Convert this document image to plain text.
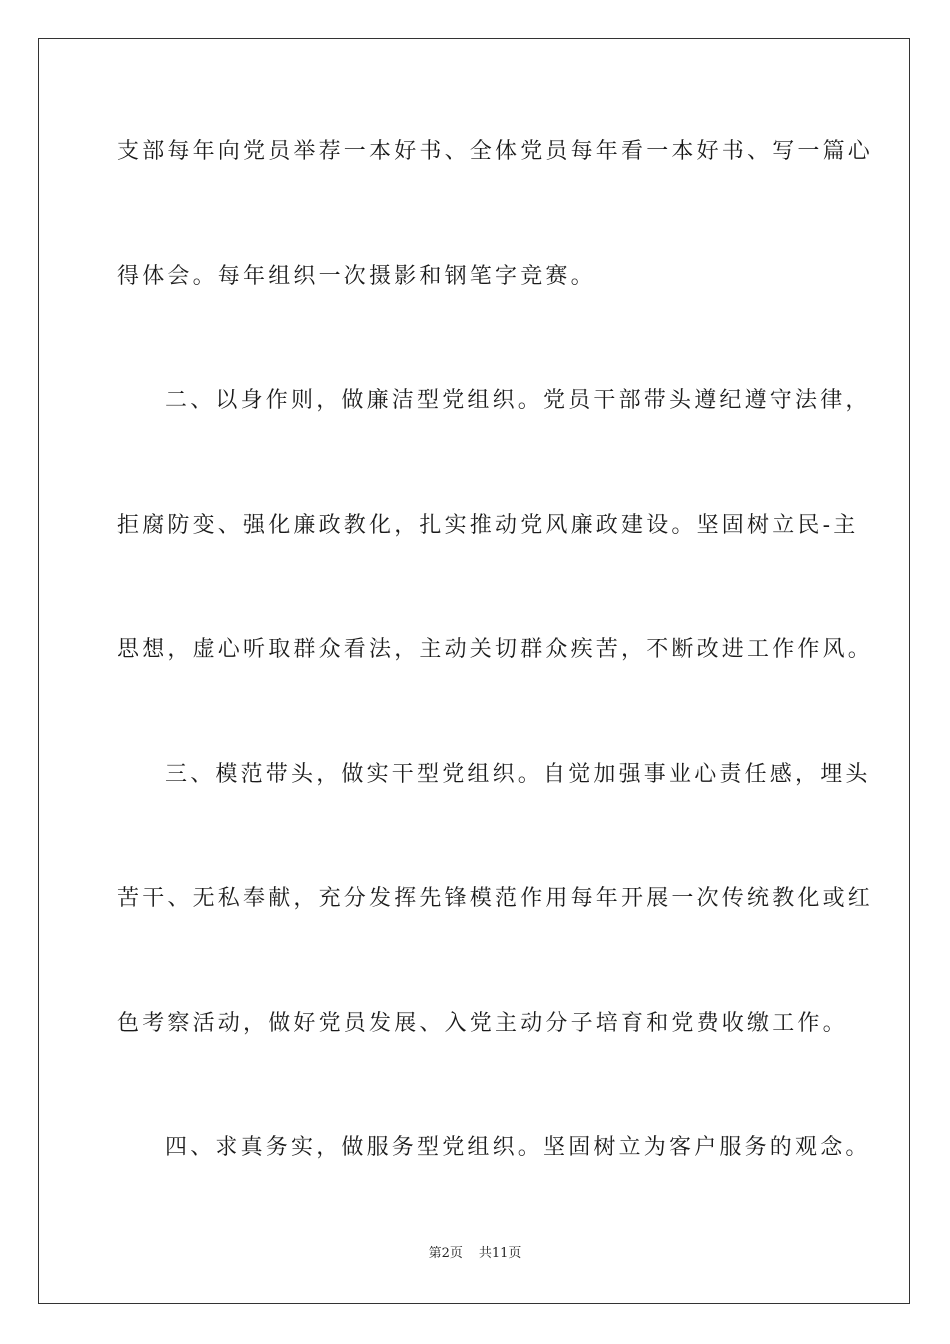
支部每年向党员举荐一本好书、全体党员每年看一本好书、写一篇心
得体会。每年组织一次摄影和钢笔字竞赛。
二、以身作则，做廉洁型党组织。党员干部带头遵纪遵守法律，
拒腐防变、强化廉政教化，扎实推动党风廉政建设。坚固树立民-主
思想，虚心听取群众看法，主动关切群众疾苦，不断改进工作作风。
三、模范带头，做实干型党组织。自觉加强事业心责任感，埋头
苦干、无私奉献，充分发挥先锋模范作用每年开展一次传统教化或红
色考察活动，做好党员发展、入党主动分子培育和党费收缴工作。
四、求真务实，做服务型党组织。坚固树立为客户服务的观念。
第2页 共11页
